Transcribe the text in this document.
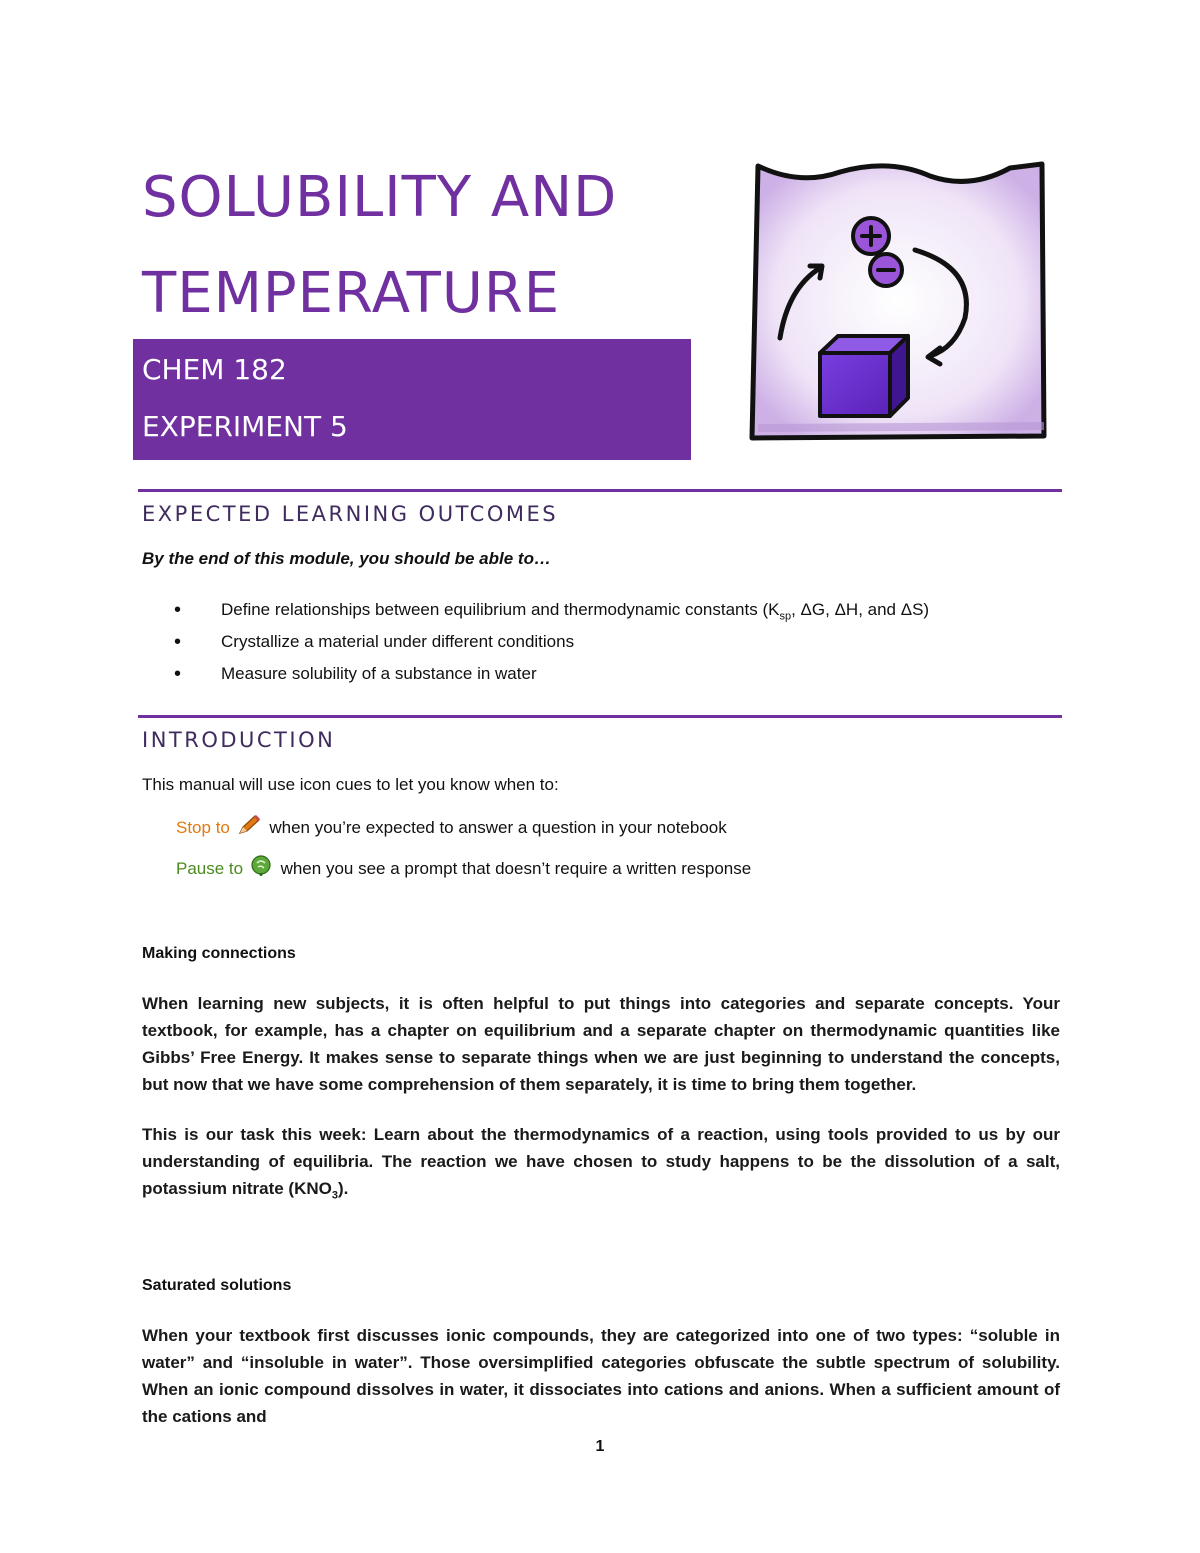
SOLUBILITY AND
TEMPERATURE
CHEM 182
EXPERIMENT 5
EXPECTED LEARNING OUTCOMES

By the end of this module, you should be able to…

• Define relationships between equilibrium and thermodynamic constants ($K_{sp}$, ΔG, ΔH, and ΔS)
• Crystallize a material under different conditions
• Measure solubility of a substance in water
INTRODUCTION

This manual will use icon cues to let you know when to:

Stop to when you’re expected to answer a question in your notebook
Pause to when you see a prompt that doesn’t require a written response

Making connections

When learning new subjects, it is often helpful to put things into categories and separate concepts. Your textbook, for example, has a chapter on equilibrium and a separate chapter on thermodynamic quantities like Gibbs’ Free Energy. It makes sense to separate things when we are just beginning to understand the concepts, but now that we have some comprehension of them separately, it is time to bring them together.

This is our task this week: Learn about the thermodynamics of a reaction, using tools provided to us by our understanding of equilibria. The reaction we have chosen to study happens to be the dissolution of a salt, potassium nitrate $(KNO_3)$.

Saturated solutions

When your textbook first discusses ionic compounds, they are categorized into one of two types: “soluble in water” and “insoluble in water”. Those oversimplified categories obfuscate the subtle spectrum of solubility. When an ionic compound dissolves in water, it dissociates into cations and anions. When a sufficient amount of the cations and

1
